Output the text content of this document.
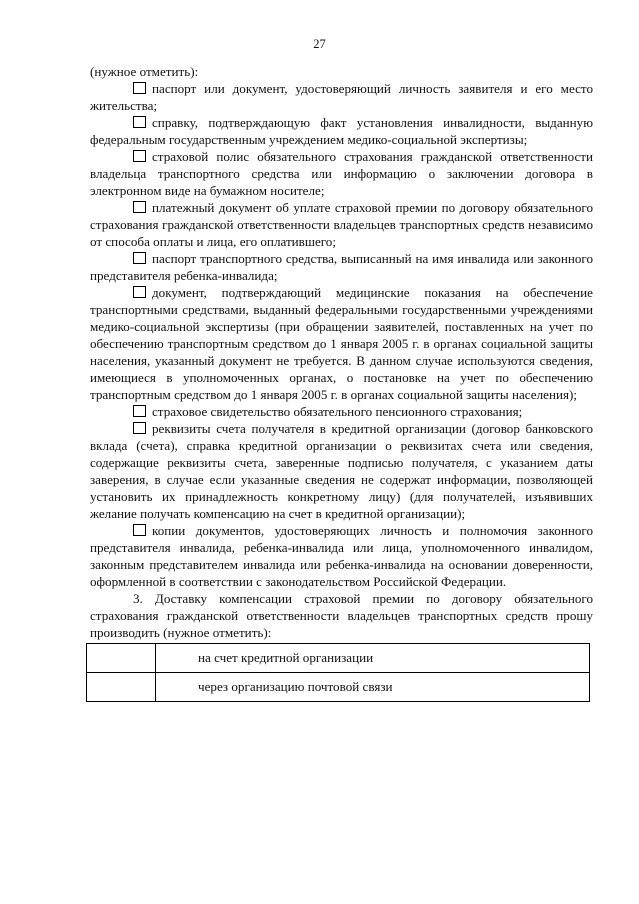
27

(нужное отметить):

паспорт или документ, удостоверяющий личность заявителя и его место жительства;

справку, подтверждающую факт установления инвалидности, выданную федеральным государственным учреждением медико-социальной экспертизы;

страховой полис обязательного страхования гражданской ответственности владельца транспортного средства или информацию о заключении договора в электронном виде на бумажном носителе;

платежный документ об уплате страховой премии по договору обязательного страхования гражданской ответственности владельцев транспортных средств независимо от способа оплаты и лица, его оплатившего;

паспорт транспортного средства, выписанный на имя инвалида или законного представителя ребенка-инвалида;

документ, подтверждающий медицинские показания на обеспечение транспортными средствами, выданный федеральными государственными учреждениями медико-социальной экспертизы (при обращении заявителей, поставленных на учет по обеспечению транспортным средством до 1 января 2005 г. в органах социальной защиты населения, указанный документ не требуется. В данном случае используются сведения, имеющиеся в уполномоченных органах, о постановке на учет по обеспечению транспортным средством до 1 января 2005 г. в органах социальной защиты населения);

страховое свидетельство обязательного пенсионного страхования;

реквизиты счета получателя в кредитной организации (договор банковского вклада (счета), справка кредитной организации о реквизитах счета или сведения, содержащие реквизиты счета, заверенные подписью получателя, с указанием даты заверения, в случае если указанные сведения не содержат информации, позволяющей установить их принадлежность конкретному лицу) (для получателей, изъявивших желание получать компенсацию на счет в кредитной организации);

копии документов, удостоверяющих личность и полномочия законного представителя инвалида, ребенка-инвалида или лица, уполномоченного инвалидом, законным представителем инвалида или ребенка-инвалида на основании доверенности, оформленной в соответствии с законодательством Российской Федерации.

3. Доставку компенсации страховой премии по договору обязательного страхования гражданской ответственности владельцев транспортных средств прошу производить (нужное отметить):

	на счет кредитной организации
	через организацию почтовой связи
